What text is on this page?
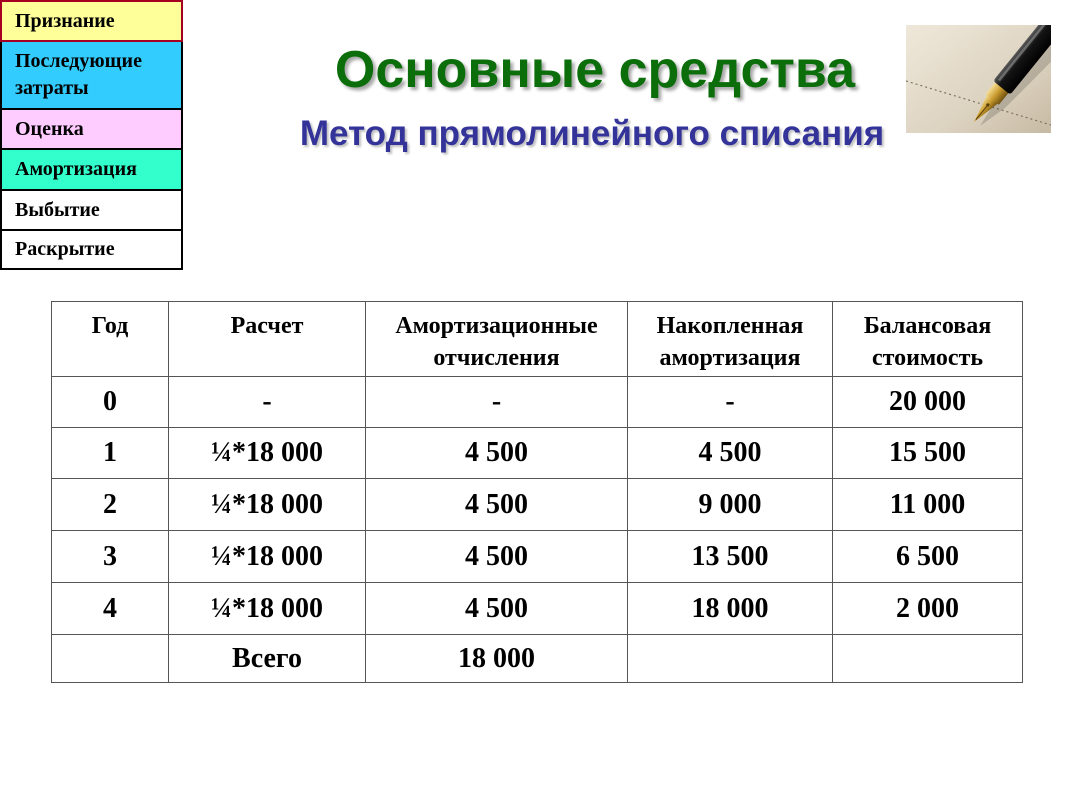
Признание
Последующие затраты
Оценка
Амортизация
Выбытие
Раскрытие
Основные средства
Метод прямолинейного списания
Год	Расчет	Амортизационные отчисления	Накопленная амортизация	Балансовая стоимость
0	-	-	-	20 000
1	¼*18 000	4 500	4 500	15 500
2	¼*18 000	4 500	9 000	11 000
3	¼*18 000	4 500	13 500	6 500
4	¼*18 000	4 500	18 000	2 000
	Всего	18 000		
